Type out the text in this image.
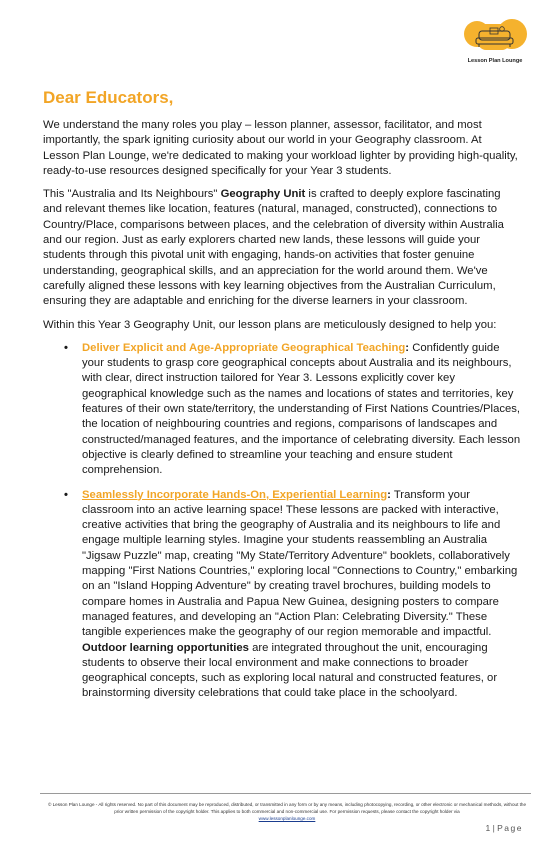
Lesson Plan Lounge
Dear Educators,

We understand the many roles you play – lesson planner, assessor, facilitator, and most importantly, the spark igniting curiosity about our world in your Geography classroom. At Lesson Plan Lounge, we're dedicated to making your workload lighter by providing high-quality, ready-to-use resources designed specifically for your Year 3 students.

This "Australia and Its Neighbours" Geography Unit is crafted to deeply explore fascinating and relevant themes like location, features (natural, managed, constructed), connections to Country/Place, comparisons between places, and the celebration of diversity within Australia and our region. Just as early explorers charted new lands, these lessons will guide your students through this pivotal unit with engaging, hands-on activities that foster genuine understanding, geographical skills, and an appreciation for the world around them. We've carefully aligned these lessons with key learning objectives from the Australian Curriculum, ensuring they are adaptable and enriching for the diverse learners in your classroom.

Within this Year 3 Geography Unit, our lesson plans are meticulously designed to help you:

• Deliver Explicit and Age-Appropriate Geographical Teaching: Confidently guide your students to grasp core geographical concepts about Australia and its neighbours, with clear, direct instruction tailored for Year 3. Lessons explicitly cover key geographical knowledge such as the names and locations of states and territories, key features of their own state/territory, the understanding of First Nations Countries/Places, the location of neighbouring countries and regions, comparisons of landscapes and constructed/managed features, and the importance of celebrating diversity. Each lesson objective is clearly defined to streamline your teaching and ensure student comprehension.
• Seamlessly Incorporate Hands-On, Experiential Learning: Transform your classroom into an active learning space! These lessons are packed with interactive, creative activities that bring the geography of Australia and its neighbours to life and engage multiple learning styles. Imagine your students reassembling an Australia "Jigsaw Puzzle" map, creating "My State/Territory Adventure" booklets, collaboratively mapping "First Nations Countries," exploring local "Connections to Country," embarking on an "Island Hopping Adventure" by creating travel brochures, building models to compare homes in Australia and Papua New Guinea, designing posters to compare managed features, and developing an "Action Plan: Celebrating Diversity." These tangible experiences make the geography of our region memorable and impactful. Outdoor learning opportunities are integrated throughout the unit, encouraging students to observe their local environment and make connections to broader geographical concepts, such as exploring local natural and constructed features, or brainstorming diversity celebrations that could take place in the schoolyard.
© Lesson Plan Lounge - All rights reserved. No part of this document may be reproduced, distributed, or transmitted in any form or by any means, including photocopying, recording, or other electronic or mechanical methods, without the prior written permission of the copyright holder. This applies to both commercial and non-commercial use. For permission requests, please contact the copyright holder via
www.lessonplanlounge.com
1 | Page
